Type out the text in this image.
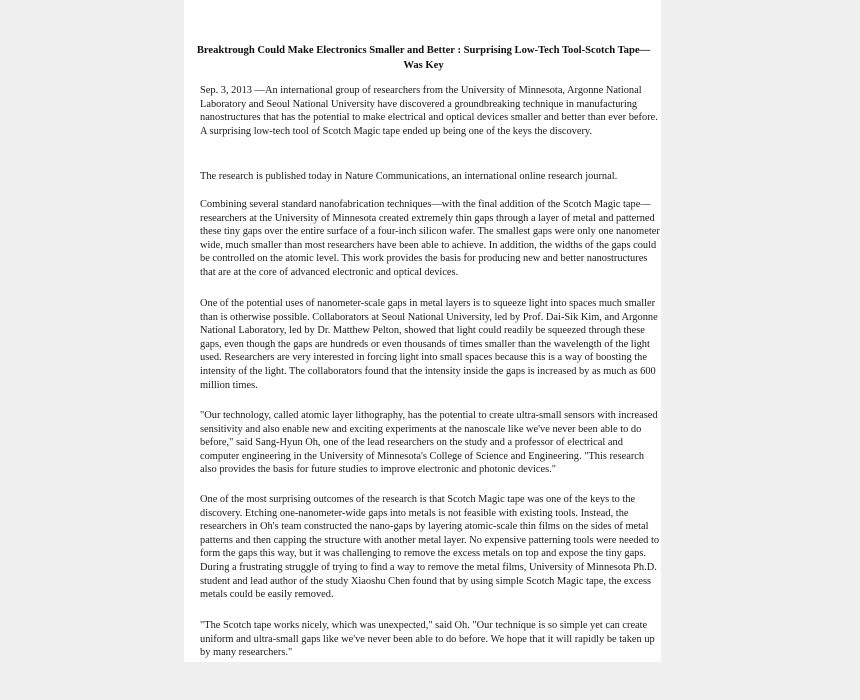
Breaktrough Could Make Electronics Smaller and Better : Surprising Low-Tech Tool-Scotch Tape—Was Key

Sep. 3, 2013 —An international group of researchers from the University of Minnesota, Argonne National Laboratory and Seoul National University have discovered a groundbreaking technique in manufacturing nanostructures that has the potential to make electrical and optical devices smaller and better than ever before. A surprising low-tech tool of Scotch Magic tape ended up being one of the keys the discovery.

The research is published today in Nature Communications, an international online research journal.

Combining several standard nanofabrication techniques—with the final addition of the Scotch Magic tape—researchers at the University of Minnesota created extremely thin gaps through a layer of metal and patterned these tiny gaps over the entire surface of a four-inch silicon wafer. The smallest gaps were only one nanometer wide, much smaller than most researchers have been able to achieve. In addition, the widths of the gaps could be controlled on the atomic level. This work provides the basis for producing new and better nanostructures that are at the core of advanced electronic and optical devices.

One of the potential uses of nanometer-scale gaps in metal layers is to squeeze light into spaces much smaller than is otherwise possible. Collaborators at Seoul National University, led by Prof. Dai-Sik Kim, and Argonne National Laboratory, led by Dr. Matthew Pelton, showed that light could readily be squeezed through these gaps, even though the gaps are hundreds or even thousands of times smaller than the wavelength of the light used. Researchers are very interested in forcing light into small spaces because this is a way of boosting the intensity of the light. The collaborators found that the intensity inside the gaps is increased by as much as 600 million times.

"Our technology, called atomic layer lithography, has the potential to create ultra-small sensors with increased sensitivity and also enable new and exciting experiments at the nanoscale like we've never been able to do before," said Sang-Hyun Oh, one of the lead researchers on the study and a professor of electrical and computer engineering in the University of Minnesota's College of Science and Engineering. "This research also provides the basis for future studies to improve electronic and photonic devices."

One of the most surprising outcomes of the research is that Scotch Magic tape was one of the keys to the discovery. Etching one-nanometer-wide gaps into metals is not feasible with existing tools. Instead, the researchers in Oh's team constructed the nano-gaps by layering atomic-scale thin films on the sides of metal patterns and then capping the structure with another metal layer. No expensive patterning tools were needed to form the gaps this way, but it was challenging to remove the excess metals on top and expose the tiny gaps. During a frustrating struggle of trying to find a way to remove the metal films, University of Minnesota Ph.D. student and lead author of the study Xiaoshu Chen found that by using simple Scotch Magic tape, the excess metals could be easily removed.

"The Scotch tape works nicely, which was unexpected," said Oh. "Our technique is so simple yet can create uniform and ultra-small gaps like we've never been able to do before. We hope that it will rapidly be taken up by many researchers."
